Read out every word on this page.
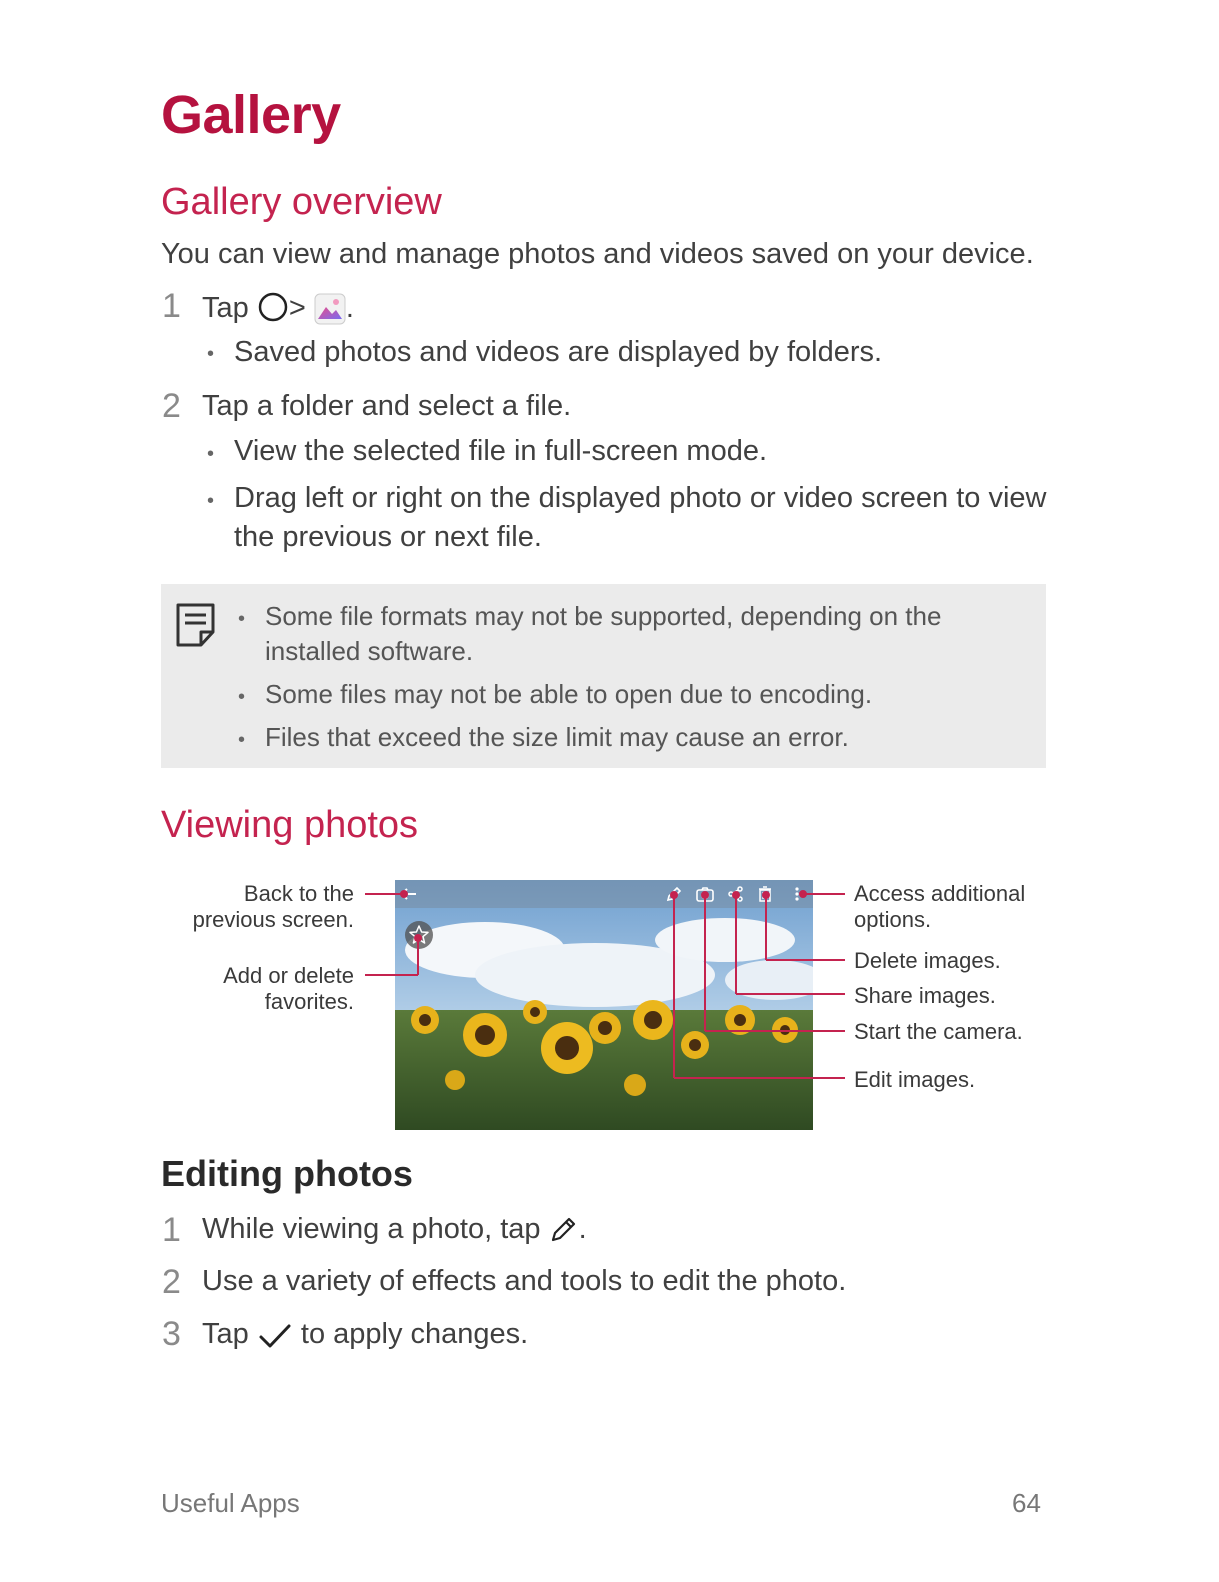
Gallery
Gallery overview
You can view and manage photos and videos saved on your device.
1 Tap > .
• Saved photos and videos are displayed by folders.
2 Tap a folder and select a file.
• View the selected file in full-screen mode.
• Drag left or right on the displayed photo or video screen to view
the previous or next file.
• Some file formats may not be supported, depending on the
installed software.
• Some files may not be able to open due to encoding.
• Files that exceed the size limit may cause an error.
Viewing photos
Back to the
previous screen.
Add or delete
favorites.
Access additional
options.
Delete images.
Share images.
Start the camera.
Edit images.
Editing photos
1 While viewing a photo, tap .
2 Use a variety of effects and tools to edit the photo.
3 Tap to apply changes.
Useful Apps	64
